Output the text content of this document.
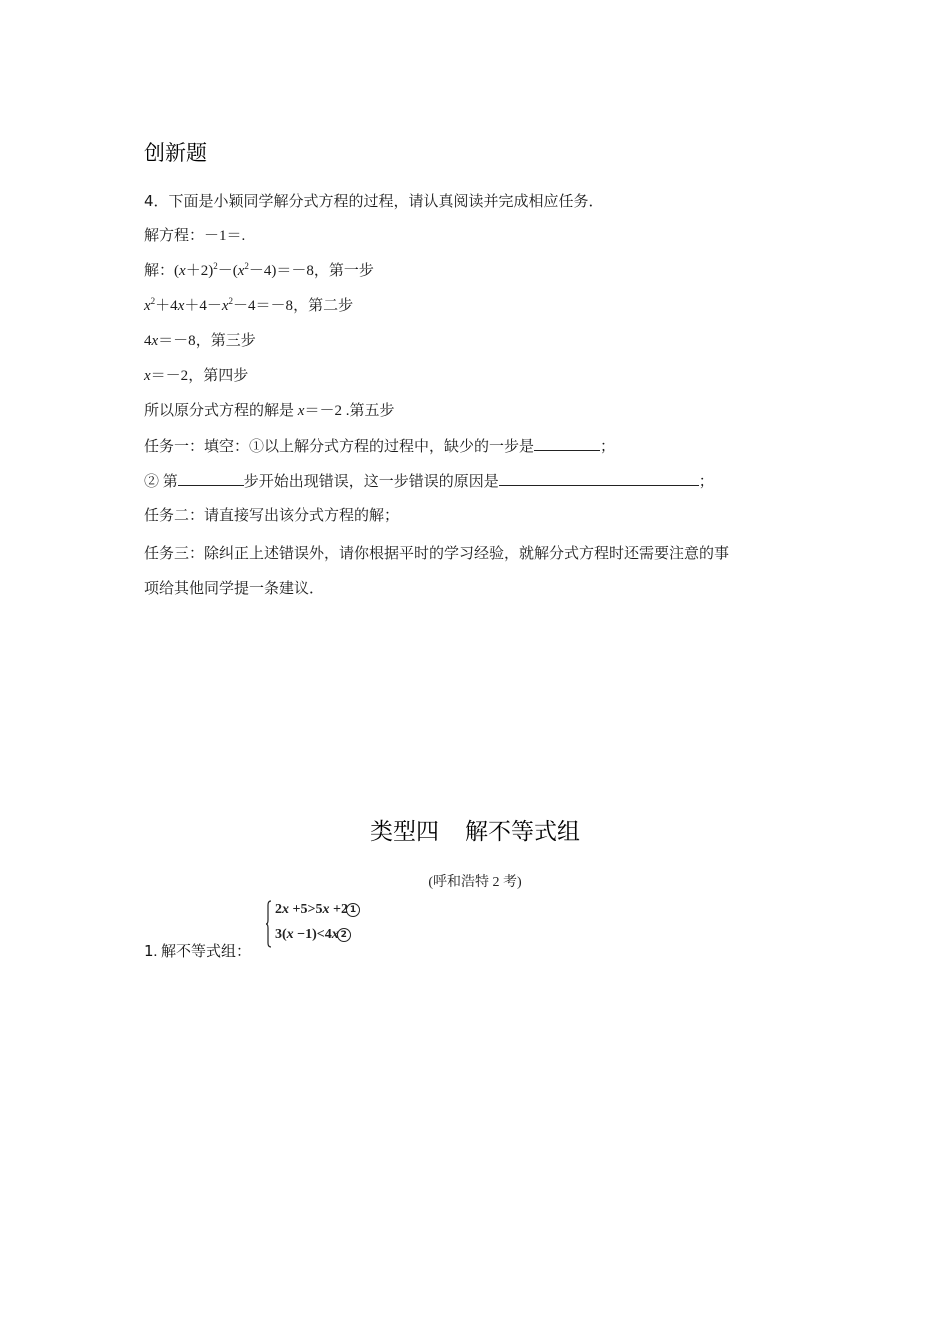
创新题
4．下面是小颖同学解分式方程的过程，请认真阅读并完成相应任务．
解方程：－1＝.
解：$(x+2)^2-(x^2-4)=-8$，第一步
$x^2+4x+4-x^2-4=-8$，第二步
4x＝－8，第三步
x＝－2，第四步
所以原分式方程的解是 x＝－2 .第五步
任务一：填空：①以上解分式方程的过程中，缺少的一步是	；
② 第	步开始出现错误，这一步错误的原因是	；
任务二：请直接写出该分式方程的解；
任务三：除纠正上述错误外，请你根据平时的学习经验，就解分式方程时还需要注意的事
项给其他同学提一条建议．
类型四 解不等式组
(呼和浩特 2 考)
1. 解不等式组：
2x +5>5x +2 1
3(x −1)<4x 2
